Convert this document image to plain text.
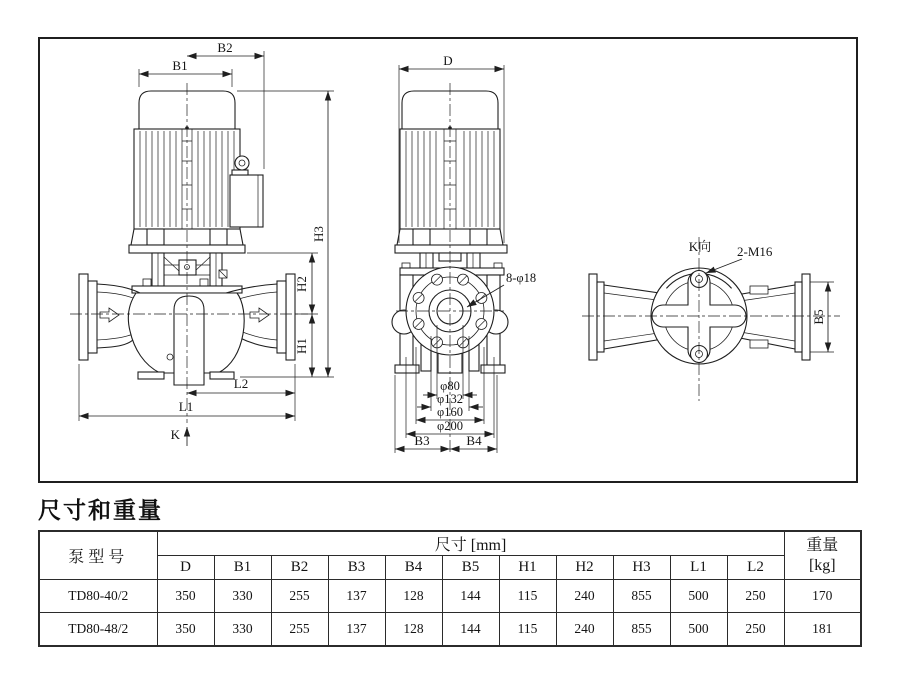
B2
B1
H3
H2
H1
L2
L1
K
D
8-φ18
φ80
φ132
φ160
φ200
B3	B4
K向 2-M16
B5
尺寸和重量
泵型号	尺寸 [mm]											重量
[kg]
	D	B1	B2	B3	B4	B5	H1	H2	H3	L1	L2	
TD80-40/2	350	330	255	137	128	144	115	240	855	500	250	170
TD80-48/2	350	330	255	137	128	144	115	240	855	500	250	181
